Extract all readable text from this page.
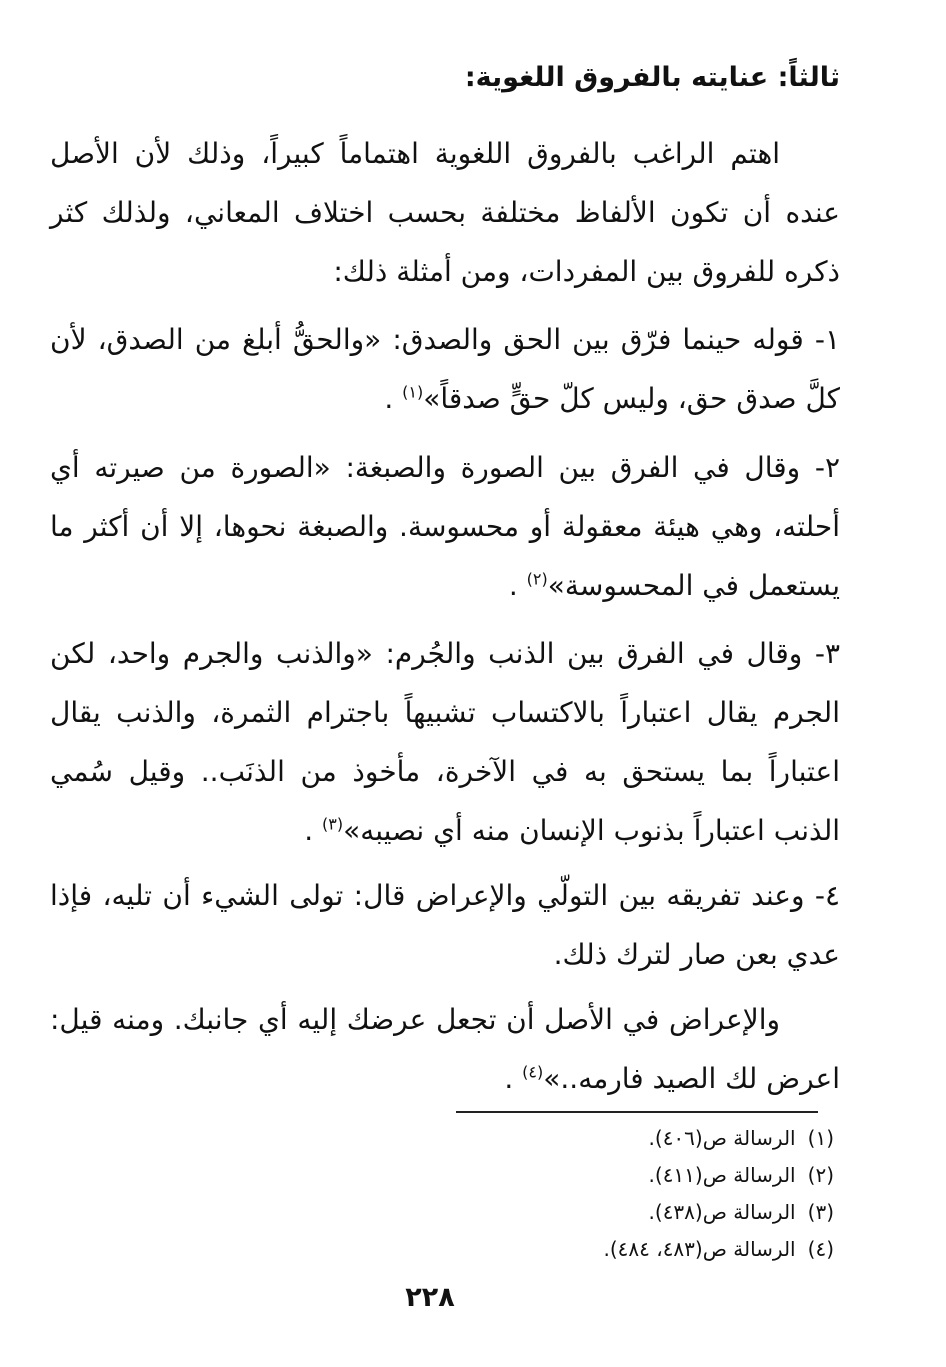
ثالثاً: عنايته بالفروق اللغوية:

اهتم الراغب بالفروق اللغوية اهتماماً كبيراً، وذلك لأن الأصل عنده أن تكون الألفاظ مختلفة بحسب اختلاف المعاني، ولذلك كثر ذكره للفروق بين المفردات، ومن أمثلة ذلك:

١- قوله حينما فرّق بين الحق والصدق: «والحقُّ أبلغ من الصدق، لأن كلَّ صدق حق، وليس كلّ حقٍّ صدقاً»$^{(١)}$ .

٢- وقال في الفرق بين الصورة والصبغة: «الصورة من صيرته أي أحلته، وهي هيئة معقولة أو محسوسة. والصبغة نحوها، إلا أن أكثر ما يستعمل في المحسوسة»$^{(٢)}$ .

٣- وقال في الفرق بين الذنب والجُرم: «والذنب والجرم واحد، لكن الجرم يقال اعتباراً بالاكتساب تشبيهاً باجترام الثمرة، والذنب يقال اعتباراً بما يستحق به في الآخرة، مأخوذ من الذنَب.. وقيل سُمي الذنب اعتباراً بذنوب الإنسان منه أي نصيبه»$^{(٣)}$ .

٤- وعند تفريقه بين التولّي والإعراض قال: تولى الشيء أن تليه، فإذا عدي بعن صار لترك ذلك.

والإعراض في الأصل أن تجعل عرضك إليه أي جانبك. ومنه قيل: اعرض لك الصيد فارمه..»$^{(٤)}$ .

(١)الرسالة ص(٤٠٦).
(٢)الرسالة ص(٤١١).
(٣)الرسالة ص(٤٣٨).
(٤)الرسالة ص(٤٨٣، ٤٨٤).
٢٢٨
